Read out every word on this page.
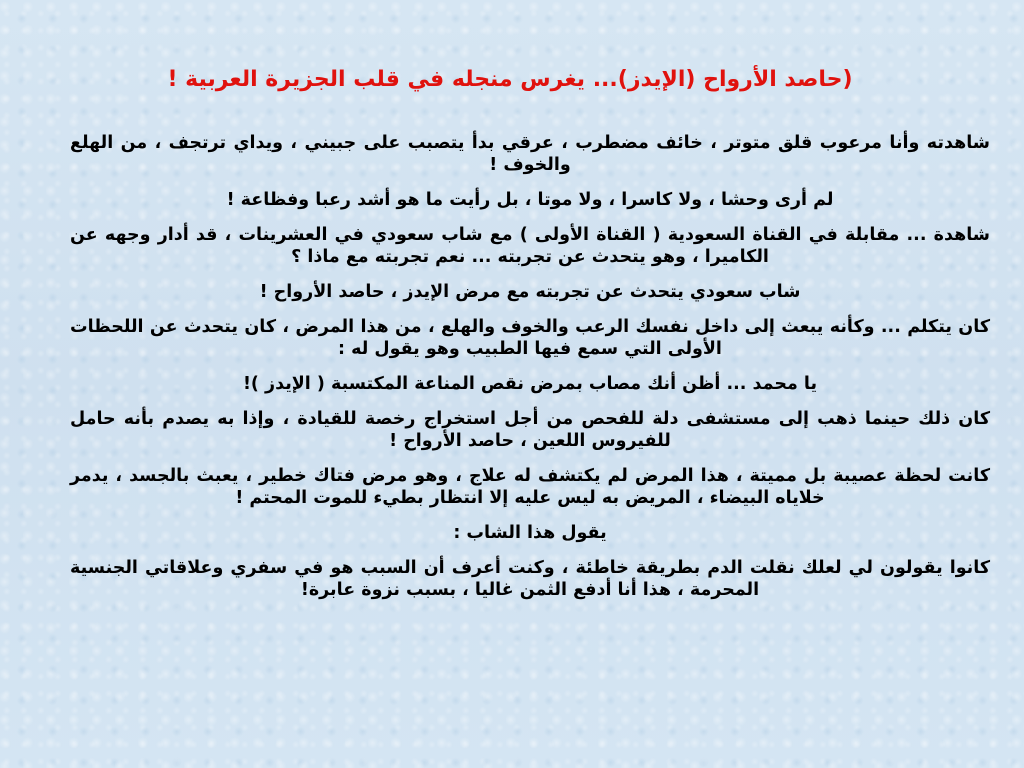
(حاصد الأرواح (الإيدز)... يغرس منجله في قلب الجزيرة العربية !

شاهدته وأنا مرعوب قلق متوتر ، خائف مضطرب ، عرقي بدأ يتصبب على جبيني ، ويداي ترتجف ، من الهلع والخوف !

لم أرى وحشا ، ولا كاسرا ، ولا موتا ، بل رأيت ما هو أشد رعبا وفظاعة !

شاهدة ... مقابلة في القناة السعودية ( القناة الأولى ) مع شاب سعودي في العشرينات ، قد أدار وجهه عن الكاميرا ، وهو يتحدث عن تجربته ... نعم تجربته مع ماذا ؟

شاب سعودي يتحدث عن تجربته مع مرض الإيدز ، حاصد الأرواح !

كان يتكلم ... وكأنه يبعث إلى داخل نفسك الرعب والخوف والهلع ، من هذا المرض ، كان يتحدث عن اللحظات الأولى التي سمع فيها الطبيب وهو يقول له :

يا محمد ... أظن أنك مصاب بمرض نقص المناعة المكتسبة ( الإيدز )!

كان ذلك حينما ذهب إلى مستشفى دلة للفحص من أجل استخراج رخصة للقيادة ، وإذا به يصدم بأنه حامل للفيروس اللعين ، حاصد الأرواح !

كانت لحظة عصيبة بل مميتة ، هذا المرض لم يكتشف له علاج ، وهو مرض فتاك خطير ، يعبث بالجسد ، يدمر خلاياه البيضاء ، المريض به ليس عليه إلا انتظار بطيء للموت المحتم !

يقول هذا الشاب :

كانوا يقولون لي لعلك نقلت الدم بطريقة خاطئة ، وكنت أعرف أن السبب هو في سفري وعلاقاتي الجنسية المحرمة ، هذا أنا أدفع الثمن غاليا ، بسبب نزوة عابرة!
